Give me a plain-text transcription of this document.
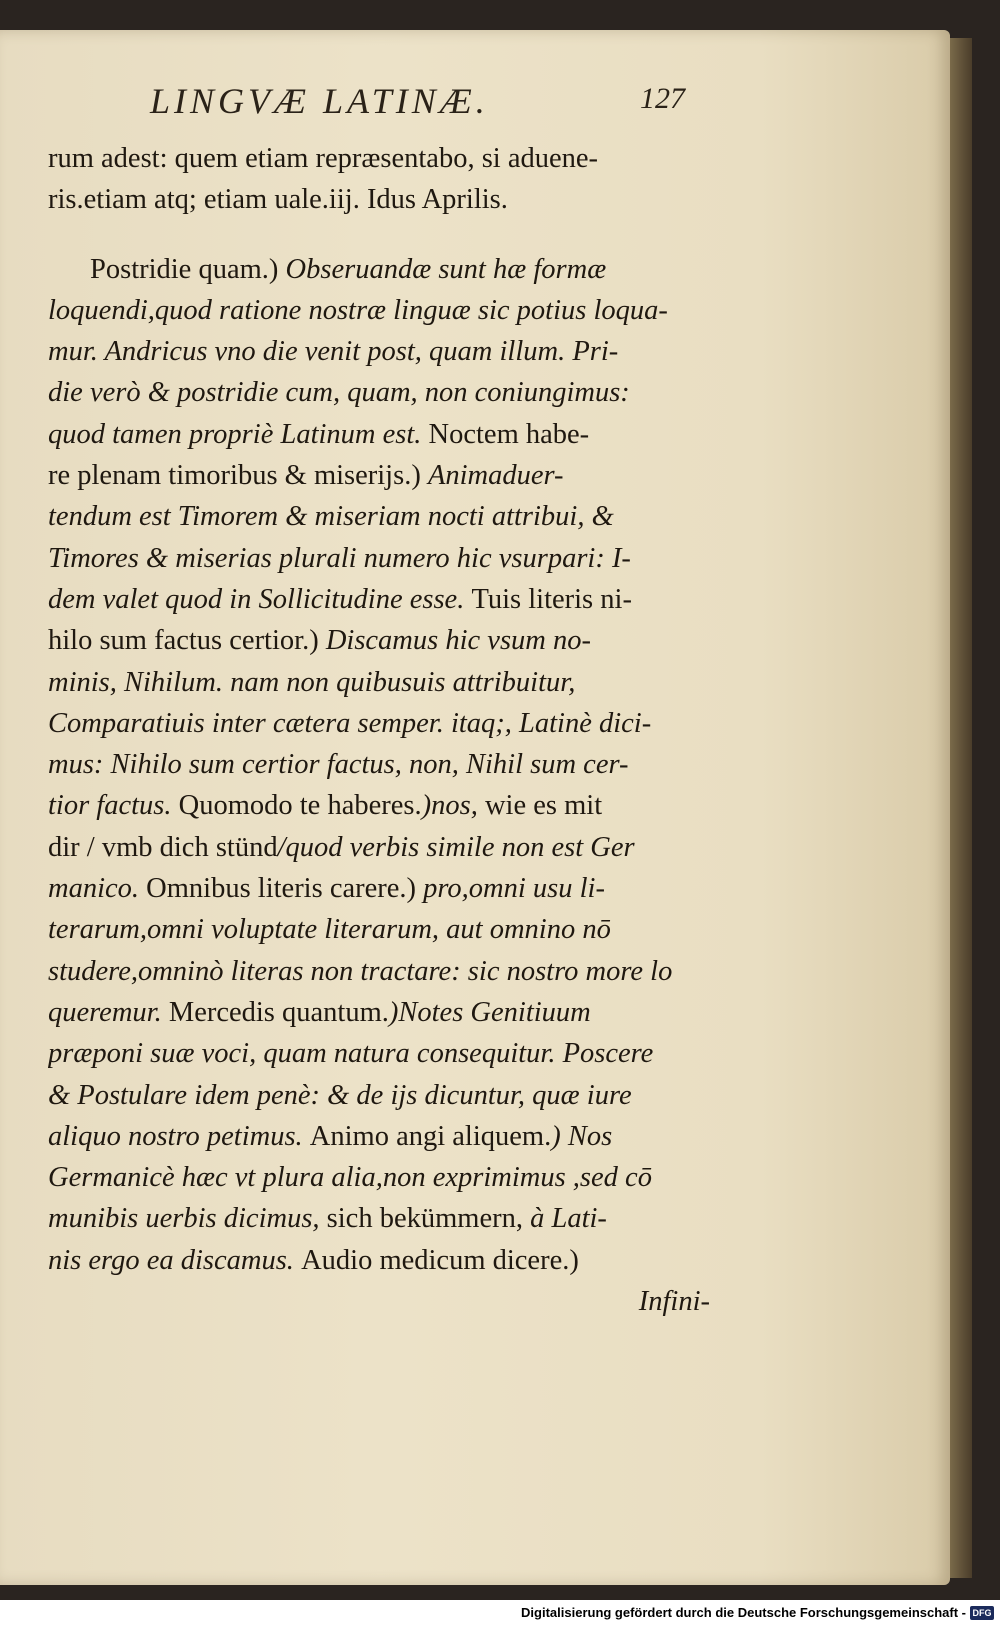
LINGVÆ LATINÆ.	127
rum adest: quem etiam repræsentabo, si aduene-
ris.etiam atq; etiam uale.iij. Idus Aprilis.
Postridie quam.) Obseruandæ sunt hæ formæ
loquendi,quod ratione nostræ linguæ sic potius loqua-
mur. Andricus vno die venit post, quam illum. Pri-
die verò & postridie cum, quam, non coniungimus:
quod tamen propriè Latinum est. Noctem habe-
re plenam timoribus & miserijs.) Animaduer-
tendum est Timorem & miseriam nocti attribui, &
Timores & miserias plurali numero hic vsurpari: I-
dem valet quod in Sollicitudine esse. Tuis literis ni-
hilo sum factus certior.) Discamus hic vsum no-
minis, Nihilum. nam non quibusuis attribuitur,
Comparatiuis inter cætera semper. itaq;, Latinè dici-
mus: Nihilo sum certior factus, non, Nihil sum cer-
tior factus. Quomodo te haberes.)nos, wie es mit
dir / vmb dich stünd/quod verbis simile non est Ger
manico. Omnibus literis carere.) pro,omni usu li-
terarum,omni voluptate literarum, aut omnino nō
studere,omninò literas non tractare: sic nostro more lo
queremur. Mercedis quantum.)Notes Genitiuum
præponi suæ voci, quam natura consequitur. Poscere
& Postulare idem penè: & de ijs dicuntur, quæ iure
aliquo nostro petimus. Animo angi aliquem.) Nos
Germanicè hæc vt plura alia,non exprimimus ,sed cō
munibis uerbis dicimus, sich bekümmern, à Lati-
nis ergo ea discamus. Audio medicum dicere.)
Infini-
Digitalisierung gefördert durch die Deutsche Forschungsgemeinschaft - DFG
